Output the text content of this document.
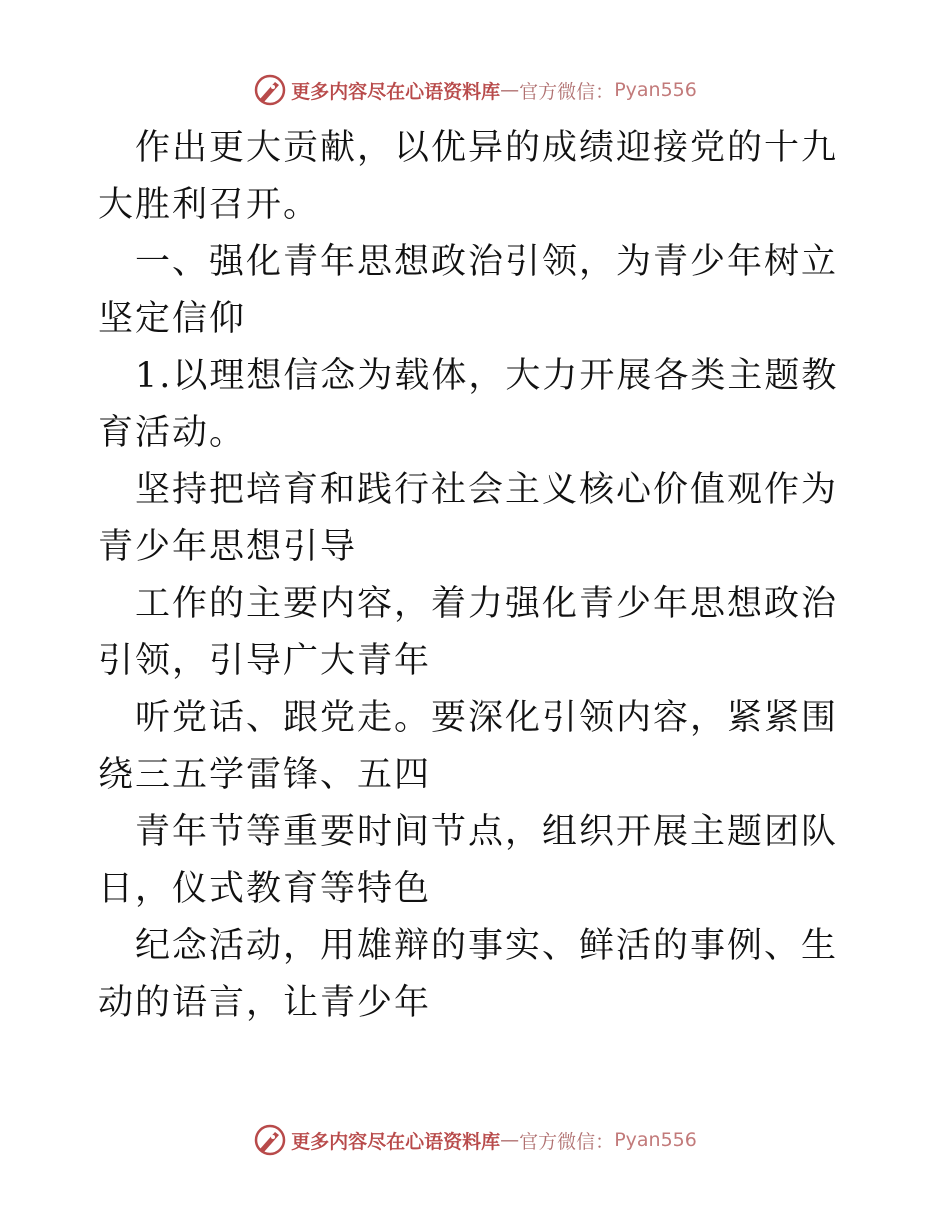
更多内容尽在心语资料库 — 官方微信： Pyan556

作出更大贡献，以优异的成绩迎接党的十九大胜利召开。

一、强化青年思想政治引领，为青少年树立坚定信仰

1.以理想信念为载体，大力开展各类主题教育活动。

坚持把培育和践行社会主义核心价值观作为青少年思想引导

工作的主要内容，着力强化青少年思想政治引领，引导广大青年

听党话、跟党走。要深化引领内容，紧紧围绕三五学雷锋、五四

青年节等重要时间节点，组织开展主题团队日，仪式教育等特色

纪念活动，用雄辩的事实、鲜活的事例、生动的语言，让青少年

更多内容尽在心语资料库 — 官方微信： Pyan556
